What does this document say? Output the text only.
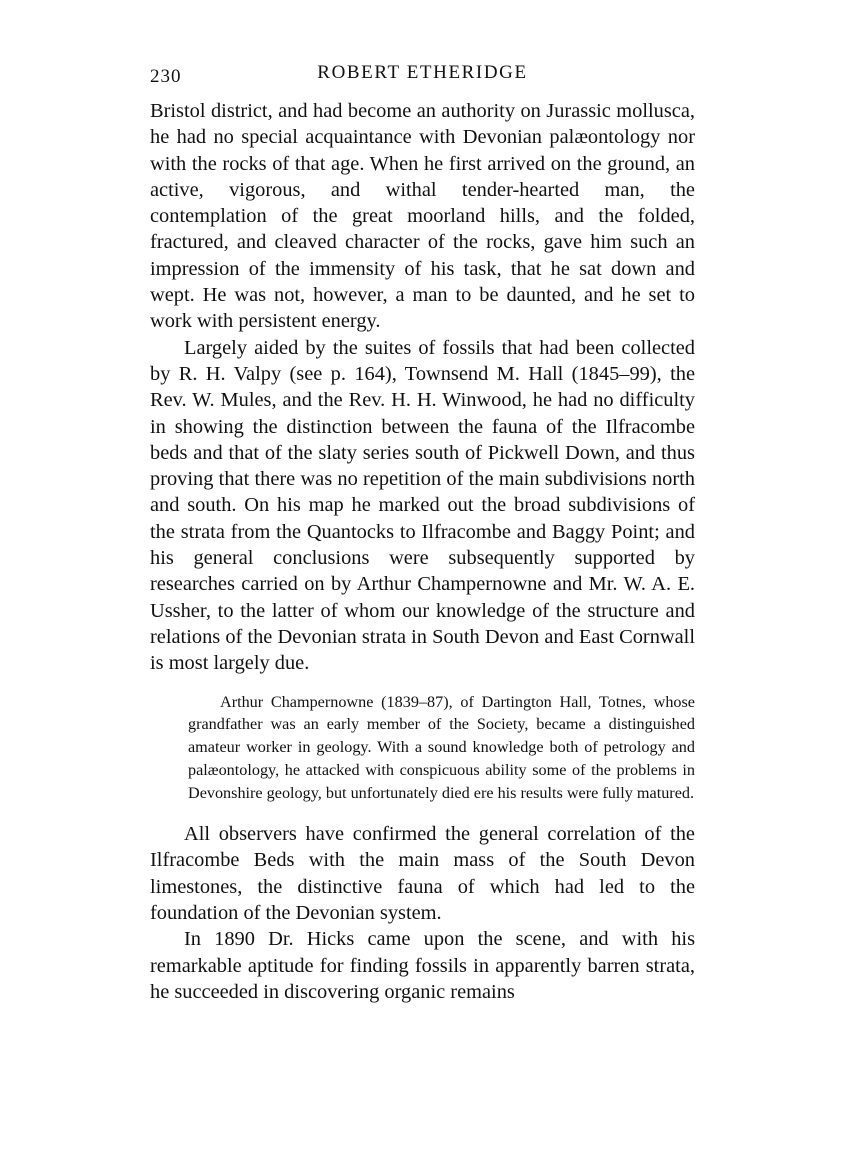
230	ROBERT ETHERIDGE

Bristol district, and had become an authority on Jurassic mollusca, he had no special acquaintance with Devonian palæontology nor with the rocks of that age. When he first arrived on the ground, an active, vigorous, and withal tender-hearted man, the contemplation of the great moorland hills, and the folded, fractured, and cleaved character of the rocks, gave him such an impression of the immensity of his task, that he sat down and wept. He was not, however, a man to be daunted, and he set to work with persistent energy.

Largely aided by the suites of fossils that had been collected by R. H. Valpy (see p. 164), Townsend M. Hall (1845–99), the Rev. W. Mules, and the Rev. H. H. Winwood, he had no difficulty in showing the distinction between the fauna of the Ilfracombe beds and that of the slaty series south of Pickwell Down, and thus proving that there was no repetition of the main subdivisions north and south. On his map he marked out the broad subdivisions of the strata from the Quantocks to Ilfracombe and Baggy Point; and his general conclusions were subsequently supported by researches carried on by Arthur Champernowne and Mr. W. A. E. Ussher, to the latter of whom our knowledge of the structure and relations of the Devonian strata in South Devon and East Cornwall is most largely due.

Arthur Champernowne (1839–87), of Dartington Hall, Totnes, whose grandfather was an early member of the Society, became a distinguished amateur worker in geology. With a sound knowledge both of petrology and palæontology, he attacked with conspicuous ability some of the problems in Devonshire geology, but unfortunately died ere his results were fully matured.

All observers have confirmed the general correlation of the Ilfracombe Beds with the main mass of the South Devon limestones, the distinctive fauna of which had led to the foundation of the Devonian system.

In 1890 Dr. Hicks came upon the scene, and with his remarkable aptitude for finding fossils in apparently barren strata, he succeeded in discovering organic remains
